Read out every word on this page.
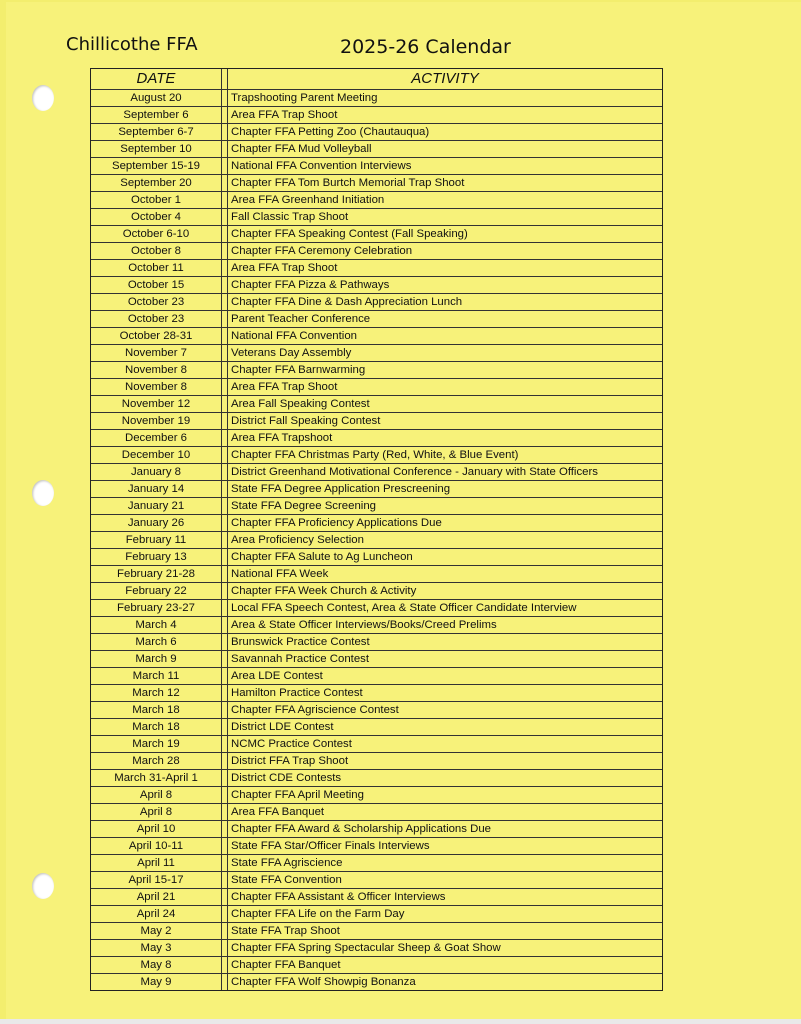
Chillicothe FFA	2025-26 Calendar
DATE		ACTIVITY
August 20		Trapshooting Parent Meeting
September 6		Area FFA Trap Shoot
September 6-7		Chapter FFA Petting Zoo (Chautauqua)
September 10		Chapter FFA Mud Volleyball
September 15-19		National FFA Convention Interviews
September 20		Chapter FFA Tom Burtch Memorial Trap Shoot
October 1		Area FFA Greenhand Initiation
October 4		Fall Classic Trap Shoot
October 6-10		Chapter FFA Speaking Contest (Fall Speaking)
October 8		Chapter FFA Ceremony Celebration
October 11		Area FFA Trap Shoot
October 15		Chapter FFA Pizza & Pathways
October 23		Chapter FFA Dine & Dash Appreciation Lunch
October 23		Parent Teacher Conference
October 28-31		National FFA Convention
November 7		Veterans Day Assembly
November 8		Chapter FFA Barnwarming
November 8		Area FFA Trap Shoot
November 12		Area Fall Speaking Contest
November 19		District Fall Speaking Contest
December 6		Area FFA Trapshoot
December 10		Chapter FFA Christmas Party (Red, White, & Blue Event)
January 8		District Greenhand Motivational Conference - January with State Officers
January 14		State FFA Degree Application Prescreening
January 21		State FFA Degree Screening
January 26		Chapter FFA Proficiency Applications Due
February 11		Area Proficiency Selection
February 13		Chapter FFA Salute to Ag Luncheon
February 21-28		National FFA Week
February 22		Chapter FFA Week Church & Activity
February 23-27		Local FFA Speech Contest, Area & State Officer Candidate Interview
March 4		Area & State Officer Interviews/Books/Creed Prelims
March 6		Brunswick Practice Contest
March 9		Savannah Practice Contest
March 11		Area LDE Contest
March 12		Hamilton Practice Contest
March 18		Chapter FFA Agriscience Contest
March 18		District LDE Contest
March 19		NCMC Practice Contest
March 28		District FFA Trap Shoot
March 31-April 1		District CDE Contests
April 8		Chapter FFA April Meeting
April 8		Area FFA Banquet
April 10		Chapter FFA Award & Scholarship Applications Due
April 10-11		State FFA Star/Officer Finals Interviews
April 11		State FFA Agriscience
April 15-17		State FFA Convention
April 21		Chapter FFA Assistant & Officer Interviews
April 24		Chapter FFA Life on the Farm Day
May 2		State FFA Trap Shoot
May 3		Chapter FFA Spring Spectacular Sheep & Goat Show
May 8		Chapter FFA Banquet
May 9		Chapter FFA Wolf Showpig Bonanza
